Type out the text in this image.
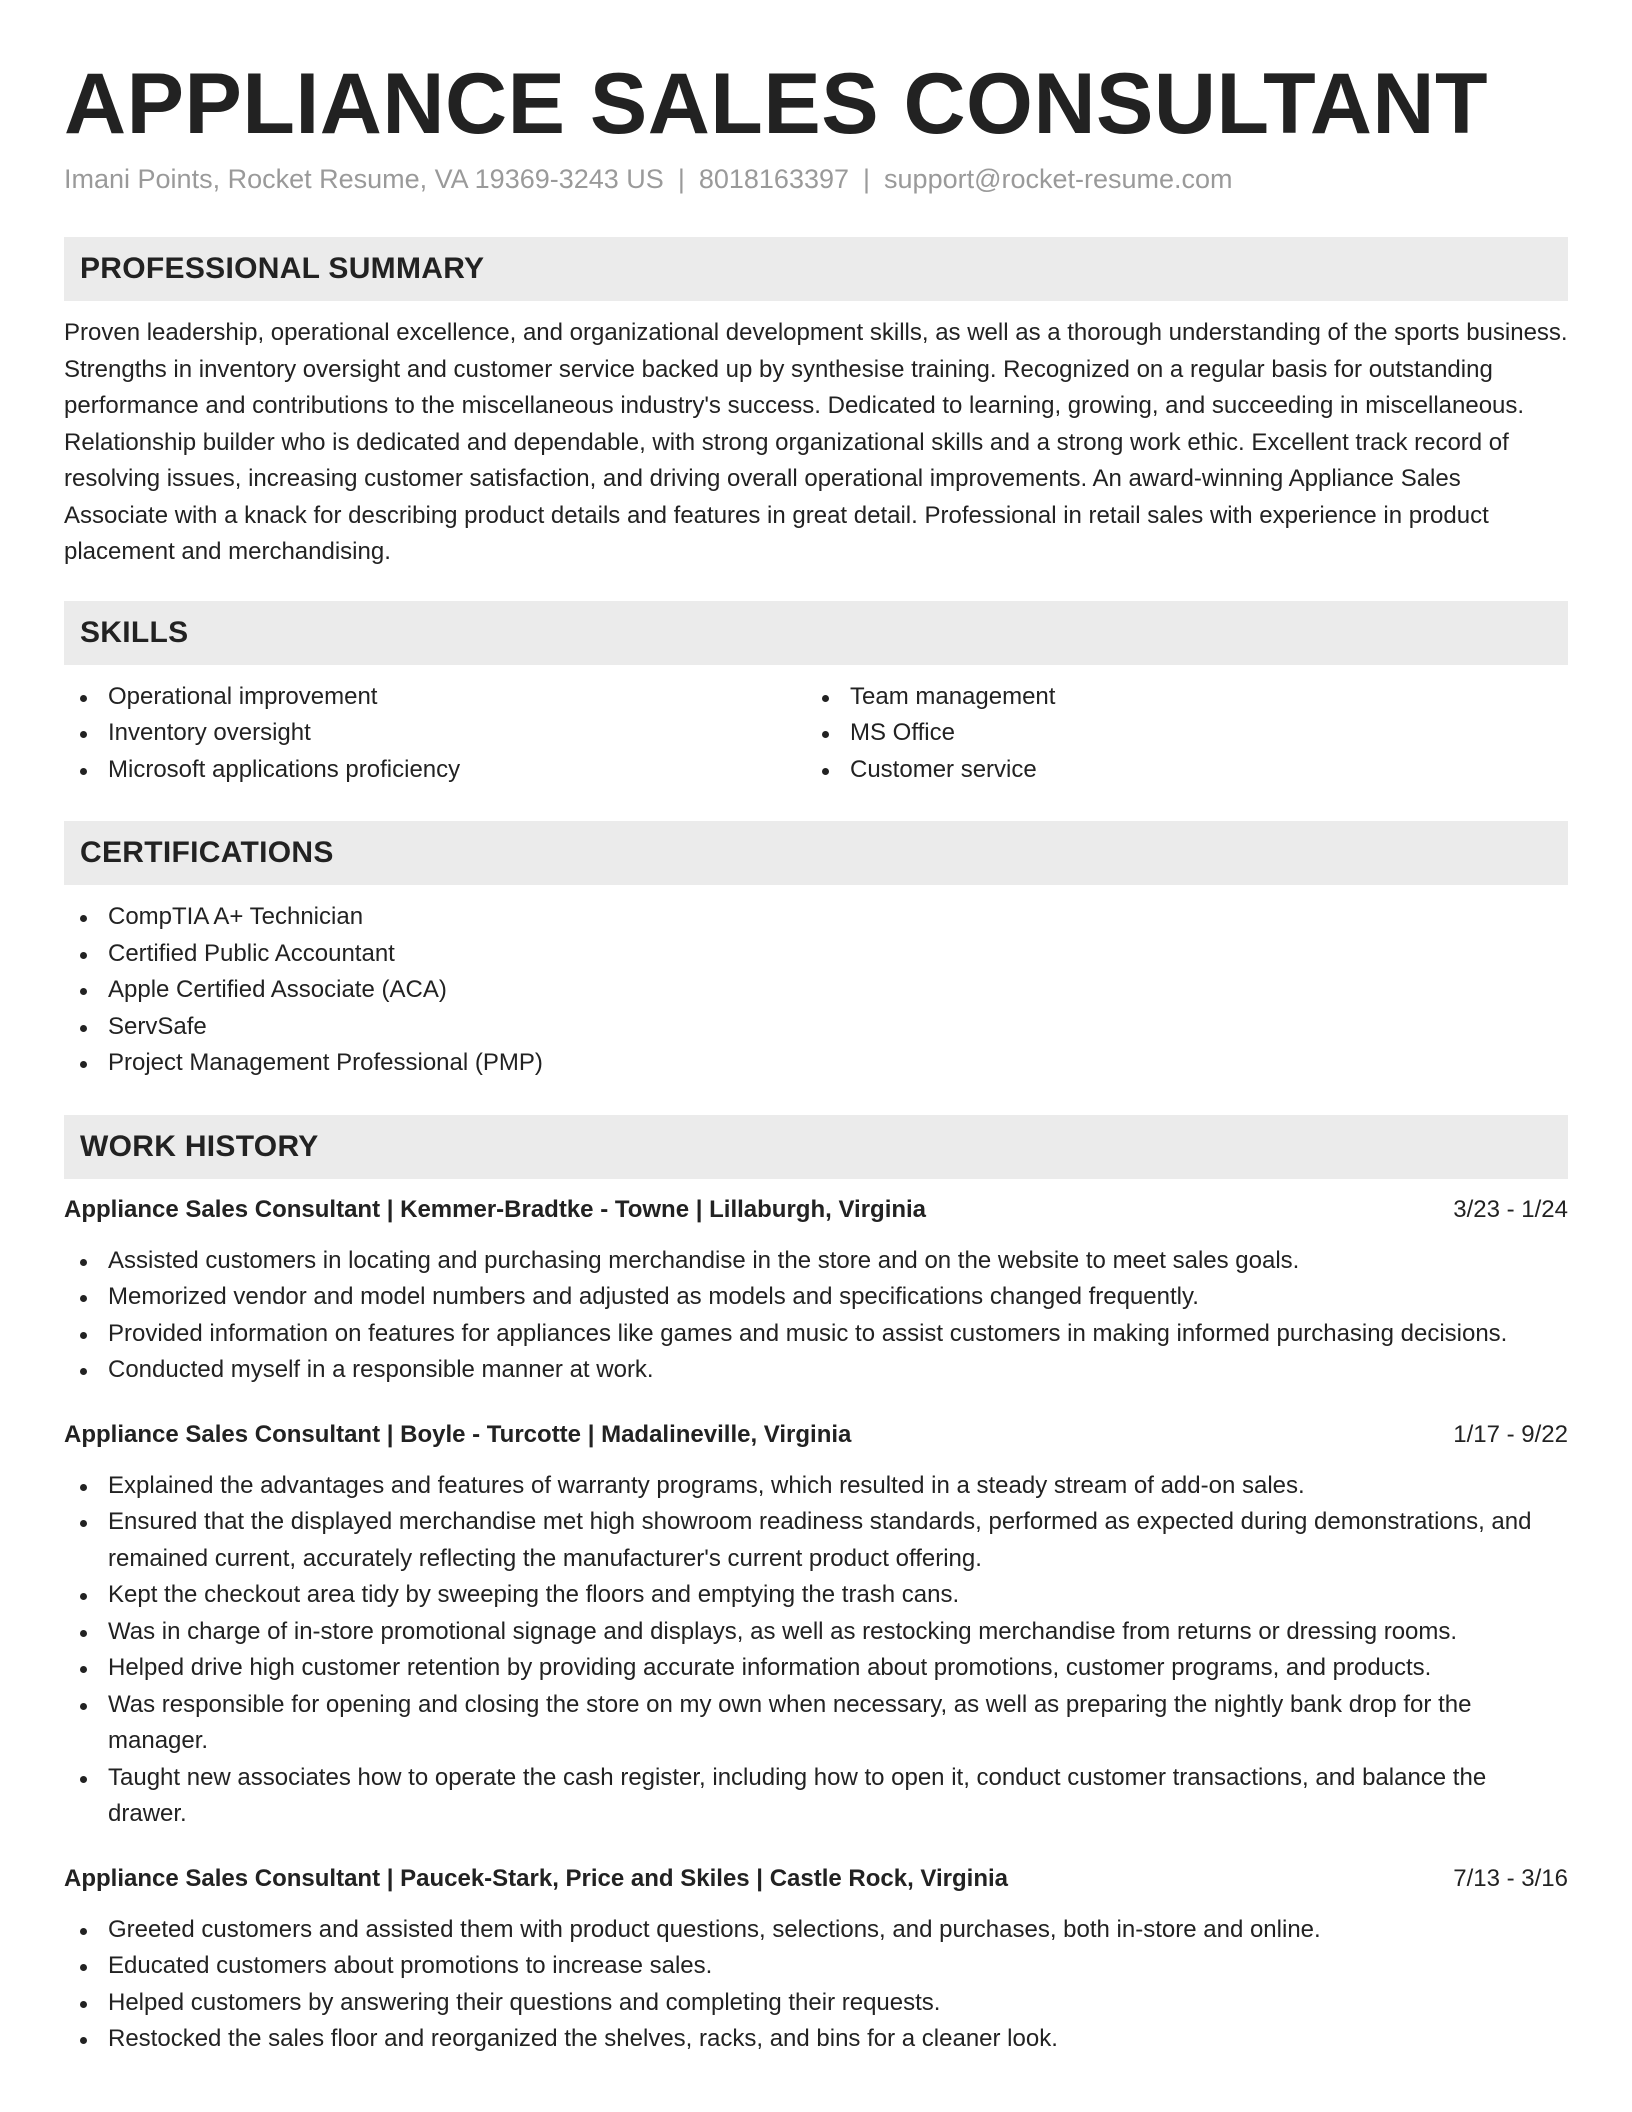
APPLIANCE SALES CONSULTANT
Imani Points, Rocket Resume, VA 19369-3243 US | 8018163397 | support@rocket-resume.com
PROFESSIONAL SUMMARY

Proven leadership, operational excellence, and organizational development skills, as well as a thorough understanding of the sports business. Strengths in inventory oversight and customer service backed up by synthesise training. Recognized on a regular basis for outstanding performance and contributions to the miscellaneous industry's success. Dedicated to learning, growing, and succeeding in miscellaneous. Relationship builder who is dedicated and dependable, with strong organizational skills and a strong work ethic. Excellent track record of resolving issues, increasing customer satisfaction, and driving overall operational improvements. An award-winning Appliance Sales Associate with a knack for describing product details and features in great detail. Professional in retail sales with experience in product placement and merchandising.

SKILLS
Operational improvement
Inventory oversight
Microsoft applications proficiency
Team management
MS Office
Customer service
CERTIFICATIONS
CompTIA A+ Technician
Certified Public Accountant
Apple Certified Associate (ACA)
ServSafe
Project Management Professional (PMP)
WORK HISTORY
Appliance Sales Consultant | Kemmer-Bradtke - Towne | Lillaburgh, Virginia	3/23 - 1/24
Assisted customers in locating and purchasing merchandise in the store and on the website to meet sales goals.
Memorized vendor and model numbers and adjusted as models and specifications changed frequently.
Provided information on features for appliances like games and music to assist customers in making informed purchasing decisions.
Conducted myself in a responsible manner at work.
Appliance Sales Consultant | Boyle - Turcotte | Madalineville, Virginia	1/17 - 9/22
Explained the advantages and features of warranty programs, which resulted in a steady stream of add-on sales.
Ensured that the displayed merchandise met high showroom readiness standards, performed as expected during demonstrations, and remained current, accurately reflecting the manufacturer's current product offering.
Kept the checkout area tidy by sweeping the floors and emptying the trash cans.
Was in charge of in-store promotional signage and displays, as well as restocking merchandise from returns or dressing rooms.
Helped drive high customer retention by providing accurate information about promotions, customer programs, and products.
Was responsible for opening and closing the store on my own when necessary, as well as preparing the nightly bank drop for the manager.
Taught new associates how to operate the cash register, including how to open it, conduct customer transactions, and balance the drawer.
Appliance Sales Consultant | Paucek-Stark, Price and Skiles | Castle Rock, Virginia	7/13 - 3/16
Greeted customers and assisted them with product questions, selections, and purchases, both in-store and online.
Educated customers about promotions to increase sales.
Helped customers by answering their questions and completing their requests.
Restocked the sales floor and reorganized the shelves, racks, and bins for a cleaner look.
